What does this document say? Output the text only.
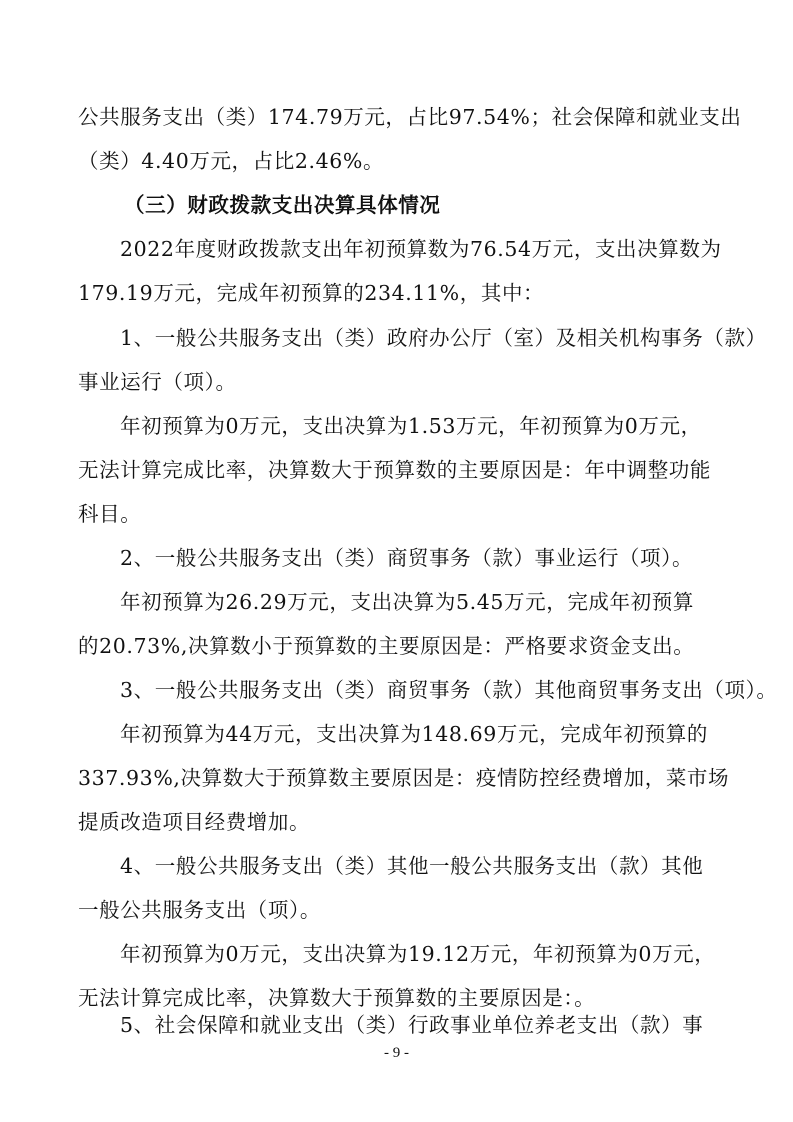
公共服务支出（类）174.79万元，占比97.54%；社会保障和就业支出
（类）4.40万元，占比2.46%。
（三）财政拨款支出决算具体情况
2022年度财政拨款支出年初预算数为76.54万元，支出决算数为
179.19万元，完成年初预算的234.11%，其中：
1、一般公共服务支出（类）政府办公厅（室）及相关机构事务（款）
事业运行（项）。
年初预算为0万元，支出决算为1.53万元，年初预算为0万元，
无法计算完成比率，决算数大于预算数的主要原因是：年中调整功能
科目。
2、一般公共服务支出（类）商贸事务（款）事业运行（项）。
年初预算为26.29万元，支出决算为5.45万元，完成年初预算
的20.73%,决算数小于预算数的主要原因是：严格要求资金支出。
3、一般公共服务支出（类）商贸事务（款）其他商贸事务支出（项）。
年初预算为44万元，支出决算为148.69万元，完成年初预算的
337.93%,决算数大于预算数主要原因是：疫情防控经费增加，菜市场
提质改造项目经费增加。
4、一般公共服务支出（类）其他一般公共服务支出（款）其他
一般公共服务支出（项）。
年初预算为0万元，支出决算为19.12万元，年初预算为0万元，
无法计算完成比率，决算数大于预算数的主要原因是：。
5、社会保障和就业支出（类）行政事业单位养老支出（款）事
- 9 -
